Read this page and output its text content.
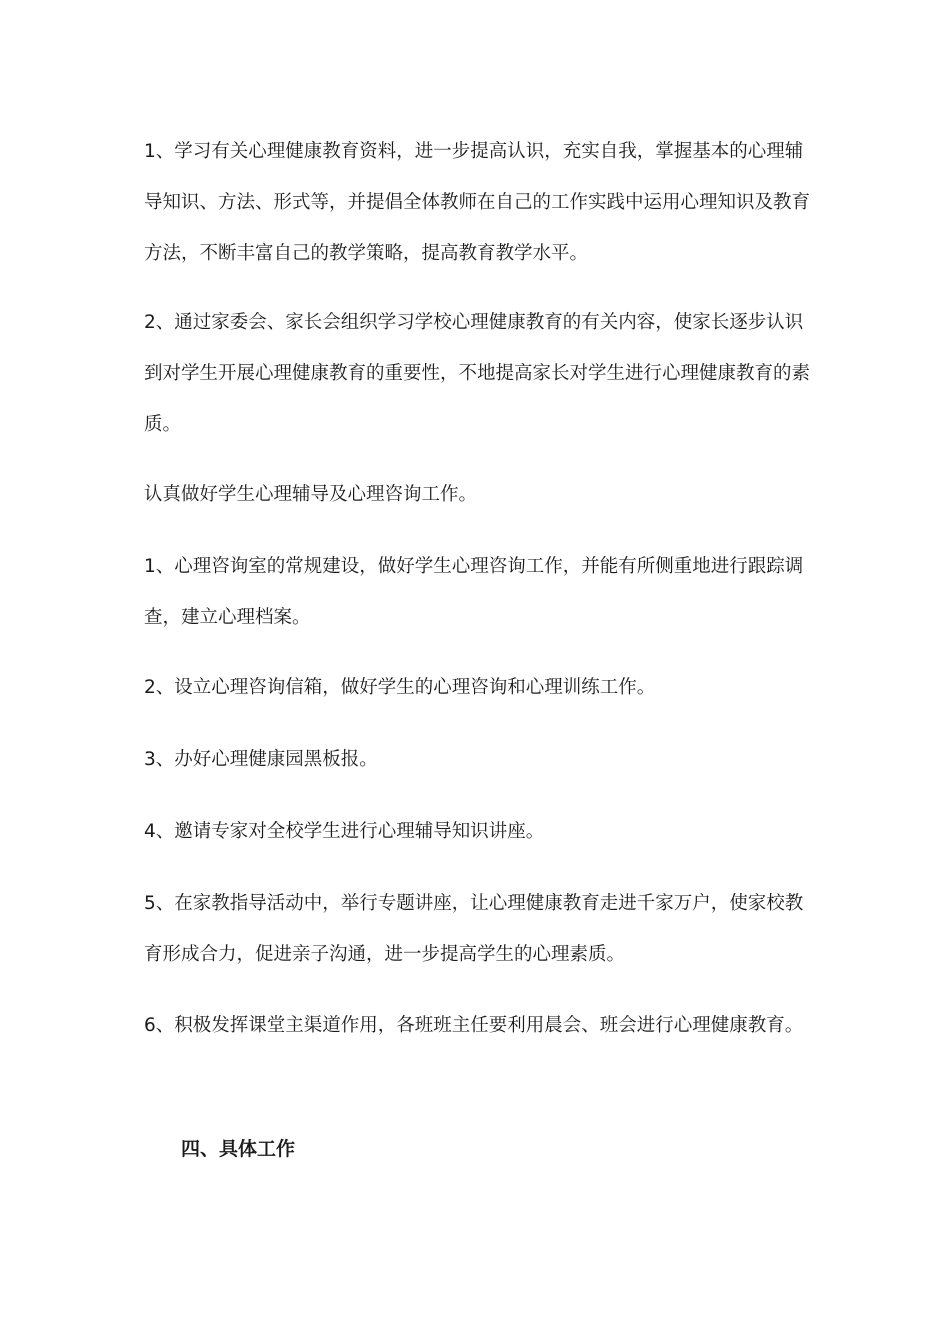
1、学习有关心理健康教育资料，进一步提高认识，充实自我，掌握基本的心理辅导知识、方法、形式等，并提倡全体教师在自己的工作实践中运用心理知识及教育方法，不断丰富自己的教学策略，提高教育教学水平。

2、通过家委会、家长会组织学习学校心理健康教育的有关内容，使家长逐步认识到对学生开展心理健康教育的重要性，不地提高家长对学生进行心理健康教育的素质。

认真做好学生心理辅导及心理咨询工作。

1、心理咨询室的常规建设，做好学生心理咨询工作，并能有所侧重地进行跟踪调查，建立心理档案。

2、设立心理咨询信箱，做好学生的心理咨询和心理训练工作。

3、办好心理健康园黑板报。

4、邀请专家对全校学生进行心理辅导知识讲座。

5、在家教指导活动中，举行专题讲座，让心理健康教育走进千家万户，使家校教育形成合力，促进亲子沟通，进一步提高学生的心理素质。

6、积极发挥课堂主渠道作用，各班班主任要利用晨会、班会进行心理健康教育。

四、具体工作
